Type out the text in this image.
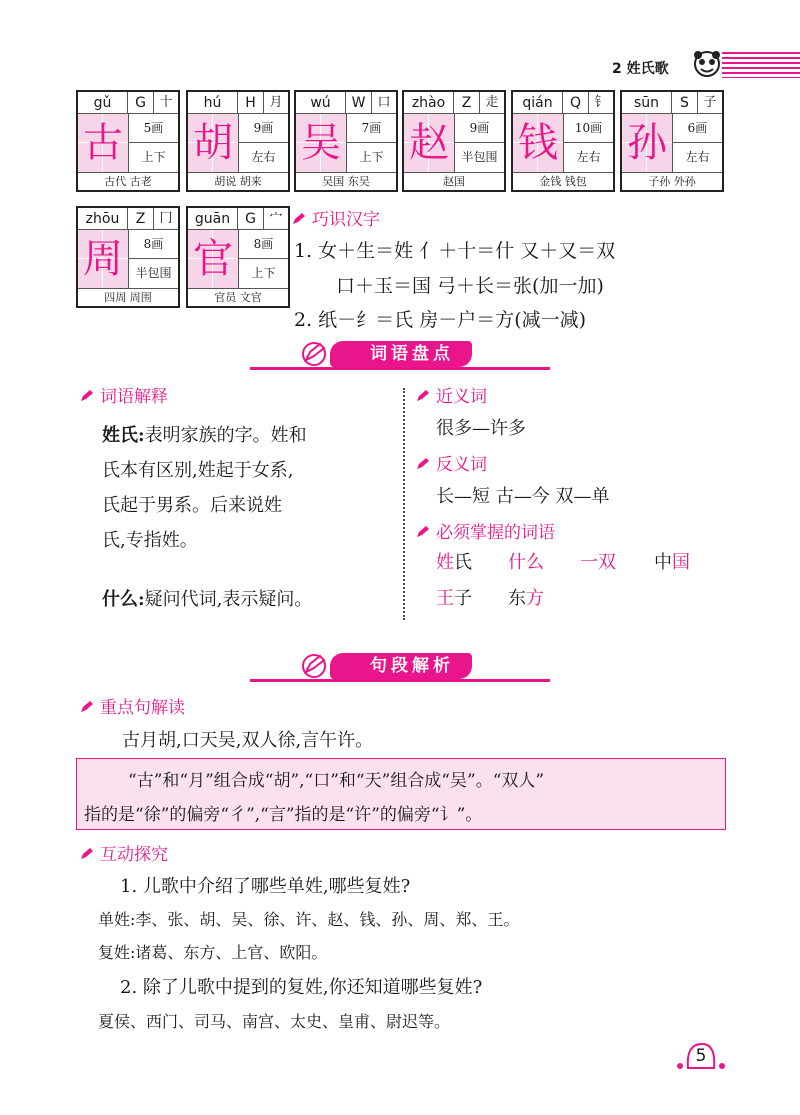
2 姓氏歌
gǔ	G	十
古	5画
上下
古代 古老
hú	H	月
胡	9画
左右
胡说 胡来
wú	W 口
吴	7画
上下
吴国 东吴
zhào	Z	走
赵	9画
半包围
赵国
qián	Q	钅
钱	10画
左右
金钱 钱包
sūn	S	子
孙	6画
左右
子孙 外孙
zhōu	Z	冂
周	8画
半包围
四周 周围
guān	G	宀
官	8画
上下
官员 文官
巧识汉字
1. 女＋生＝姓 亻＋十＝什 又＋又＝双
口＋玉＝国 弓＋长＝张(加一加)
2. 纸－纟＝氏 房－户＝方(减一减)
词语盘点
词语解释
姓氏:表明家族的字。姓和
氏本有区别,姓起于女系,
氏起于男系。后来说姓
氏,专指姓。
什么:疑问代词,表示疑问。
近义词
很多—许多
反义词
长—短 古—今 双—单
必须掌握的词语
姓氏 什么 一双 中国
王子 东方
句段解析
重点句解读
古月胡,口天吴,双人徐,言午许。
“古”和“月”组合成“胡”,“口”和“天”组合成“吴”。“双人”
指的是“徐”的偏旁“彳”,“言”指的是“许”的偏旁“讠”。
互动探究
1. 儿歌中介绍了哪些单姓,哪些复姓?
单姓:李、张、胡、吴、徐、许、赵、钱、孙、周、郑、王。
复姓:诸葛、东方、上官、欧阳。
2. 除了儿歌中提到的复姓,你还知道哪些复姓?
夏侯、西门、司马、南宫、太史、皇甫、尉迟等。
5
